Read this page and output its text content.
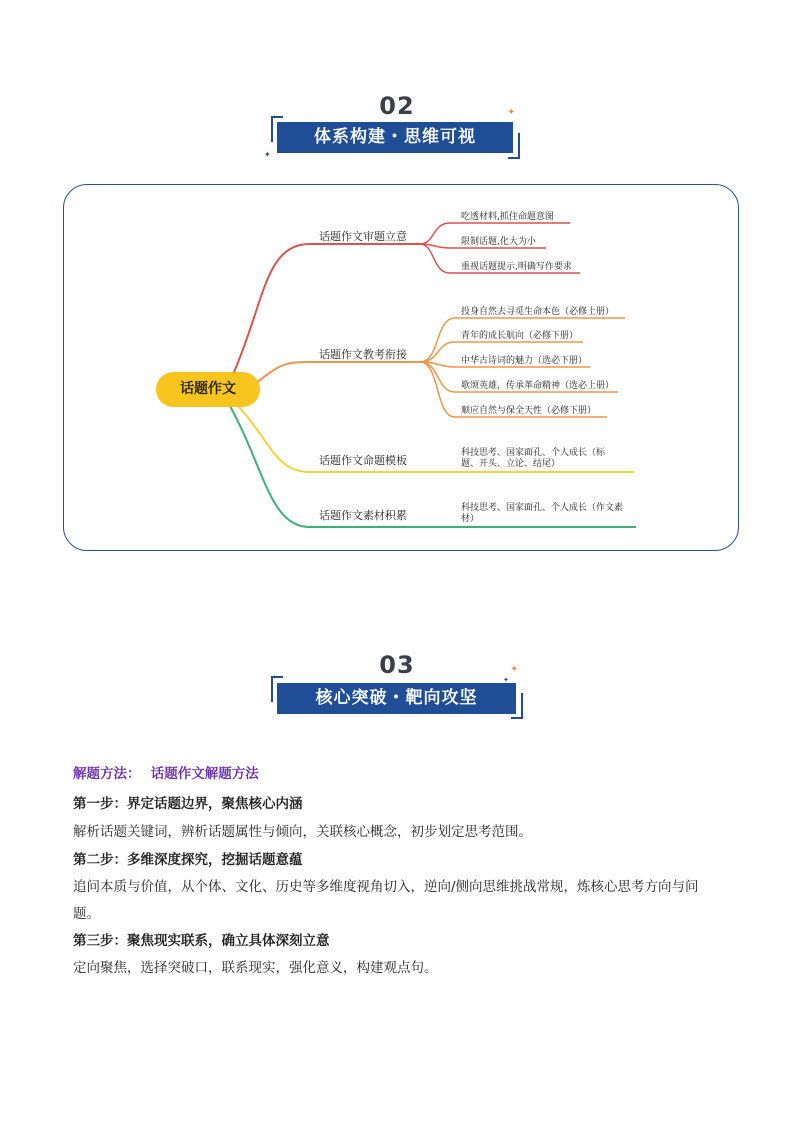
02
体系构建・思维可视
✦
✦
话题作文
话题作文审题立意
话题作文教考衔接
话题作文命题模板
话题作文素材积累
吃透材料,抓住命题意图
限制话题,化大为小
重视话题提示,明确写作要求
投身自然去寻觅生命本色（必修上册）
青年的成长航向（必修下册）
中华古诗词的魅力（选必下册）
歌颂英雄，传承革命精神（选必上册）
顺应自然与保全天性（必修下册）
科技思考、国家面孔、个人成长（标题、开头、立论、结尾）
科技思考、国家面孔、个人成长（作文素材）
03
核心突破・靶向攻坚
✦
✦
解题方法： 话题作文解题方法
第一步：界定话题边界，聚焦核心内涵
解析话题关键词，辨析话题属性与倾向，关联核心概念，初步划定思考范围。
第二步：多维深度探究，挖掘话题意蕴
追问本质与价值，从个体、文化、历史等多维度视角切入，逆向/侧向思维挑战常规，炼核心思考方向与问
题。
第三步：聚焦现实联系，确立具体深刻立意
定向聚焦，选择突破口，联系现实，强化意义，构建观点句。
